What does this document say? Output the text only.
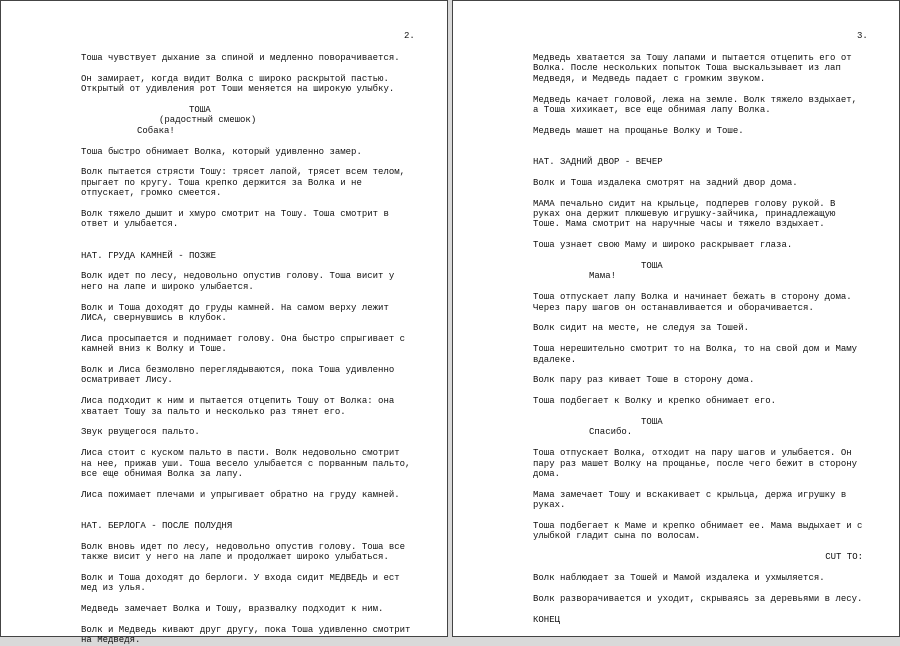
2.
Тоша чувствует дыхание за спиной и медленно поворачивается.
Он замирает, когда видит Волка с широко раскрытой пастью.
Открытый от удивления рот Тоши меняется на широкую улыбку.
ТОША
(радостный смешок)
Собака!
Тоша быстро обнимает Волка, который удивленно замер.
Волк пытается стрясти Тошу: трясет лапой, трясет всем телом,
прыгает по кругу. Тоша крепко держится за Волка и не
отпускает, громко смеется.
Волк тяжело дышит и хмуро смотрит на Тошу. Тоша смотрит в
ответ и улыбается.
НАТ. ГРУДА КАМНЕЙ - ПОЗЖЕ
Волк идет по лесу, недовольно опустив голову. Тоша висит у
него на лапе и широко улыбается.
Волк и Тоша доходят до груды камней. На самом верху лежит
ЛИСА, свернувшись в клубок.
Лиса просыпается и поднимает голову. Она быстро спрыгивает с
камней вниз к Волку и Тоше.
Волк и Лиса безмолвно переглядываются, пока Тоша удивленно
осматривает Лису.
Лиса подходит к ним и пытается отцепить Тошу от Волка: она
хватает Тошу за пальто и несколько раз тянет его.
Звук рвущегося пальто.
Лиса стоит с куском пальто в пасти. Волк недовольно смотрит
на нее, прижав уши. Тоша весело улыбается с порванным пальто,
все еще обнимая Волка за лапу.
Лиса пожимает плечами и упрыгивает обратно на груду камней.
НАТ. БЕРЛОГА - ПОСЛЕ ПОЛУДНЯ
Волк вновь идет по лесу, недовольно опустив голову. Тоша все
также висит у него на лапе и продолжает широко улыбаться.
Волк и Тоша доходят до берлоги. У входа сидит МЕДВЕДЬ и ест
мед из улья.
Медведь замечает Волка и Тошу, вразвалку подходит к ним.
Волк и Медведь кивают друг другу, пока Тоша удивленно смотрит
на Медведя.
3.
Медведь хватается за Тошу лапами и пытается отцепить его от
Волка. После нескольких попыток Тоша выскальзывает из лап
Медведя, и Медведь падает с громким звуком.
Медведь качает головой, лежа на земле. Волк тяжело вздыхает,
а Тоша хихикает, все еще обнимая лапу Волка.
Медведь машет на прощанье Волку и Тоше.
НАТ. ЗАДНИЙ ДВОР - ВЕЧЕР
Волк и Тоша издалека смотрят на задний двор дома.
МАМА печально сидит на крыльце, подперев голову рукой. В
руках она держит плюшевую игрушку-зайчика, принадлежащую
Тоше. Мама смотрит на наручные часы и тяжело вздыхает.
Тоша узнает свою Маму и широко раскрывает глаза.
ТОША
Мама!
Тоша отпускает лапу Волка и начинает бежать в сторону дома.
Через пару шагов он останавливается и оборачивается.
Волк сидит на месте, не следуя за Тошей.
Тоша нерешительно смотрит то на Волка, то на свой дом и Маму
вдалеке.
Волк пару раз кивает Тоше в сторону дома.
Тоша подбегает к Волку и крепко обнимает его.
ТОША
Спасибо.
Тоша отпускает Волка, отходит на пару шагов и улыбается. Он
пару раз машет Волку на прощанье, после чего бежит в сторону
дома.
Мама замечает Тошу и вскакивает с крыльца, держа игрушку в
руках.
Тоша подбегает к Маме и крепко обнимает ее. Мама выдыхает и с
улыбкой гладит сына по волосам.
CUT TO:
Волк наблюдает за Тошей и Мамой издалека и ухмыляется.
Волк разворачивается и уходит, скрываясь за деревьями в лесу.
КОНЕЦ
